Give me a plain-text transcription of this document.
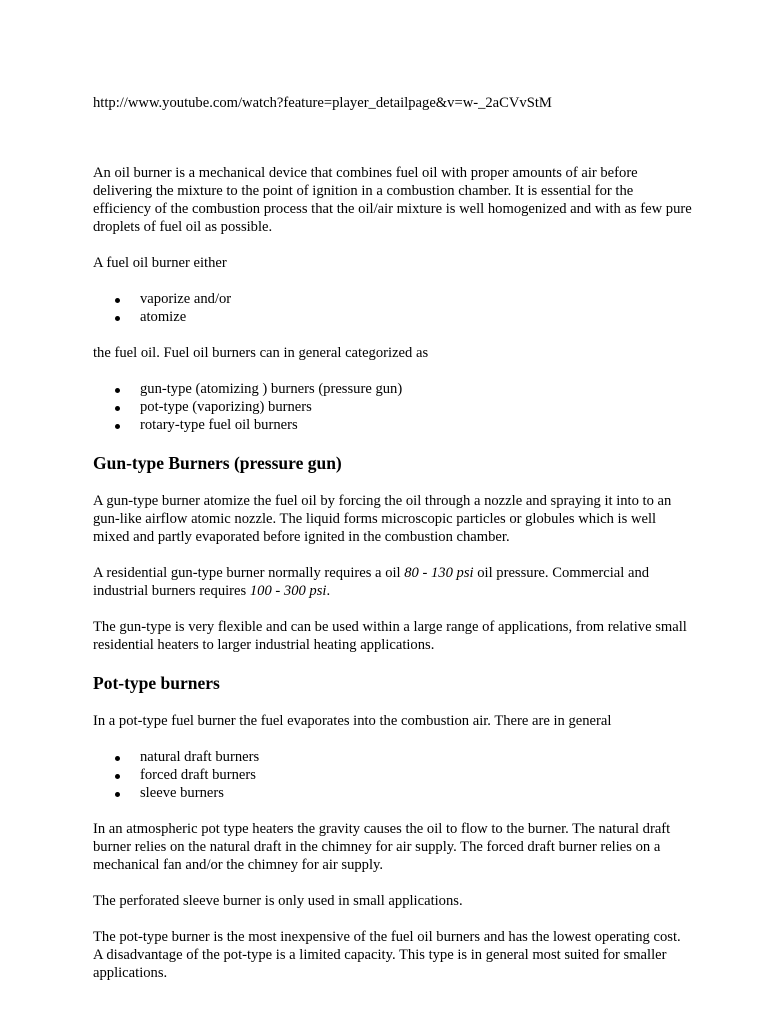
http://www.youtube.com/watch?feature=player_detailpage&v=w-_2aCVvStM

An oil burner is a mechanical device that combines fuel oil with proper amounts of air before delivering the mixture to the point of ignition in a combustion chamber. It is essential for the efficiency of the combustion process that the oil/air mixture is well homogenized and with as few pure droplets of fuel oil as possible.

A fuel oil burner either

vaporize and/or
atomize

the fuel oil. Fuel oil burners can in general categorized as

gun-type (atomizing ) burners (pressure gun)
pot-type (vaporizing) burners
rotary-type fuel oil burners
Gun-type Burners (pressure gun)

A gun-type burner atomize the fuel oil by forcing the oil through a nozzle and spraying it into to an gun-like airflow atomic nozzle. The liquid forms microscopic particles or globules which is well mixed and partly evaporated before ignited in the combustion chamber.

A residential gun-type burner normally requires a oil 80 - 130 psi oil pressure. Commercial and industrial burners requires 100 - 300 psi.

The gun-type is very flexible and can be used within a large range of applications, from relative small residential heaters to larger industrial heating applications.

Pot-type burners

In a pot-type fuel burner the fuel evaporates into the combustion air. There are in general

natural draft burners
forced draft burners
sleeve burners

In an atmospheric pot type heaters the gravity causes the oil to flow to the burner. The natural draft burner relies on the natural draft in the chimney for air supply. The forced draft burner relies on a mechanical fan and/or the chimney for air supply.

The perforated sleeve burner is only used in small applications.

The pot-type burner is the most inexpensive of the fuel oil burners and has the lowest operating cost. A disadvantage of the pot-type is a limited capacity. This type is in general most suited for smaller applications.
